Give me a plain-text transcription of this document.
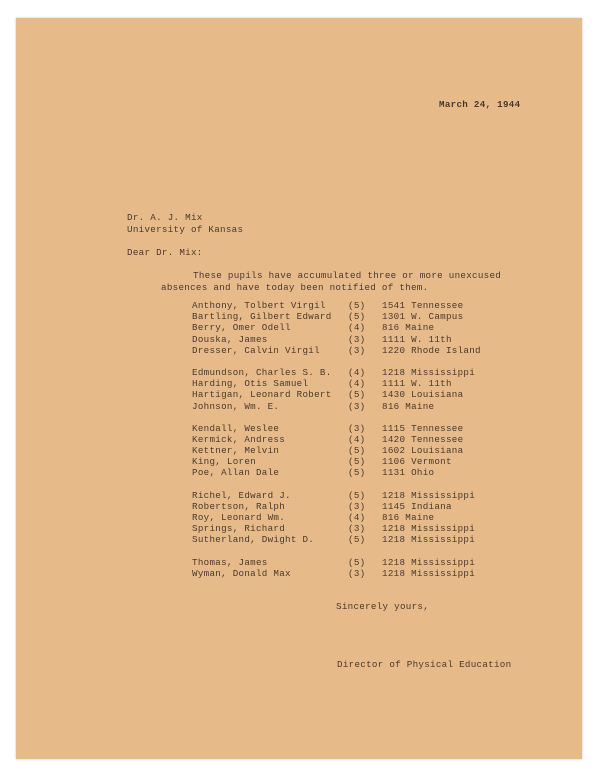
March 24, 1944
Dr. A. J. Mix
University of Kansas
Dear Dr. Mix:
These pupils have accumulated three or more unexcused
absences and have today been notified of them.
Anthony, Tolbert Virgil (5) 1541 Tennessee
Bartling, Gilbert Edward (5) 1301 W. Campus
Berry, Omer Odell	(4) 816 Maine
Douska, James	(3) 1111 W. 11th
Dresser, Calvin Virgil	(3) 1220 Rhode Island
Edmundson, Charles S. B. (4) 1218 Mississippi
Harding, Otis Samuel	(4) 1111 W. 11th
Hartigan, Leonard Robert (5) 1430 Louisiana
Johnson, Wm. E.	(3) 816 Maine
Kendall, Weslee	(3) 1115 Tennessee
Kermick, Andress	(4) 1420 Tennessee
Kettner, Melvin	(5) 1602 Louisiana
King, Loren	(5) 1106 Vermont
Poe, Allan Dale	(5) 1131 Ohio
Richel, Edward J.	(5) 1218 Mississippi
Robertson, Ralph	(3) 1145 Indiana
Roy, Leonard Wm.	(4) 816 Maine
Springs, Richard	(3) 1218 Mississippi
Sutherland, Dwight D.	(5) 1218 Mississippi
Thomas, James	(5) 1218 Mississippi
Wyman, Donald Max	(3) 1218 Mississippi
Sincerely yours,
Director of Physical Education
